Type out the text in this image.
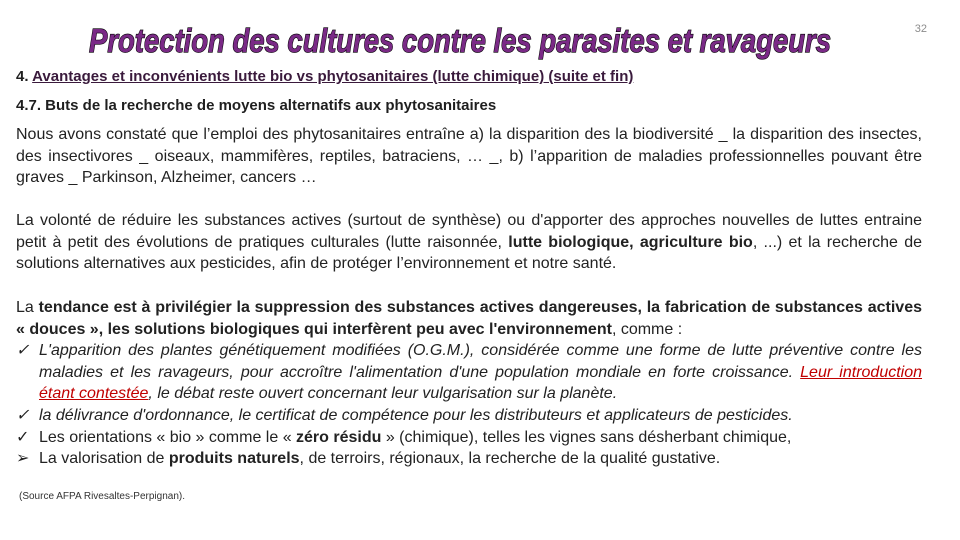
Protection des cultures contre les parasites et ravageurs	32
4. Avantages et inconvénients lutte bio vs phytosanitaires (lutte chimique) (suite et fin)
4.7. Buts de la recherche de moyens alternatifs aux phytosanitaires
Nous avons constaté que l’emploi des phytosanitaires entraîne a) la disparition des la biodiversité _ la disparition des insectes, des insectivores _ oiseaux, mammifères, reptiles, batraciens, … _, b) l’apparition de maladies professionnelles pouvant être graves _ Parkinson, Alzheimer, cancers …
La volonté de réduire les substances actives (surtout de synthèse) ou d'apporter des approches nouvelles de luttes entraine petit à petit des évolutions de pratiques culturales (lutte raisonnée, lutte biologique, agriculture bio, ...) et la recherche de solutions alternatives aux pesticides, afin de protéger l’environnement et notre santé.
La tendance est à privilégier la suppression des substances actives dangereuses, la fabrication de substances actives « douces », les solutions biologiques qui interfèrent peu avec l'environnement, comme :
✓ L'apparition des plantes génétiquement modifiées (O.G.M.), considérée comme une forme de lutte préventive contre les maladies et les ravageurs, pour accroître l'alimentation d'une population mondiale en forte croissance. Leur introduction étant contestée, le débat reste ouvert concernant leur vulgarisation sur la planète.
✓ la délivrance d'ordonnance, le certificat de compétence pour les distributeurs et applicateurs de pesticides.
✓ Les orientations « bio » comme le « zéro résidu » (chimique), telles les vignes sans désherbant chimique,
➢ La valorisation de produits naturels, de terroirs, régionaux, la recherche de la qualité gustative.
(Source AFPA Rivesaltes-Perpignan).
